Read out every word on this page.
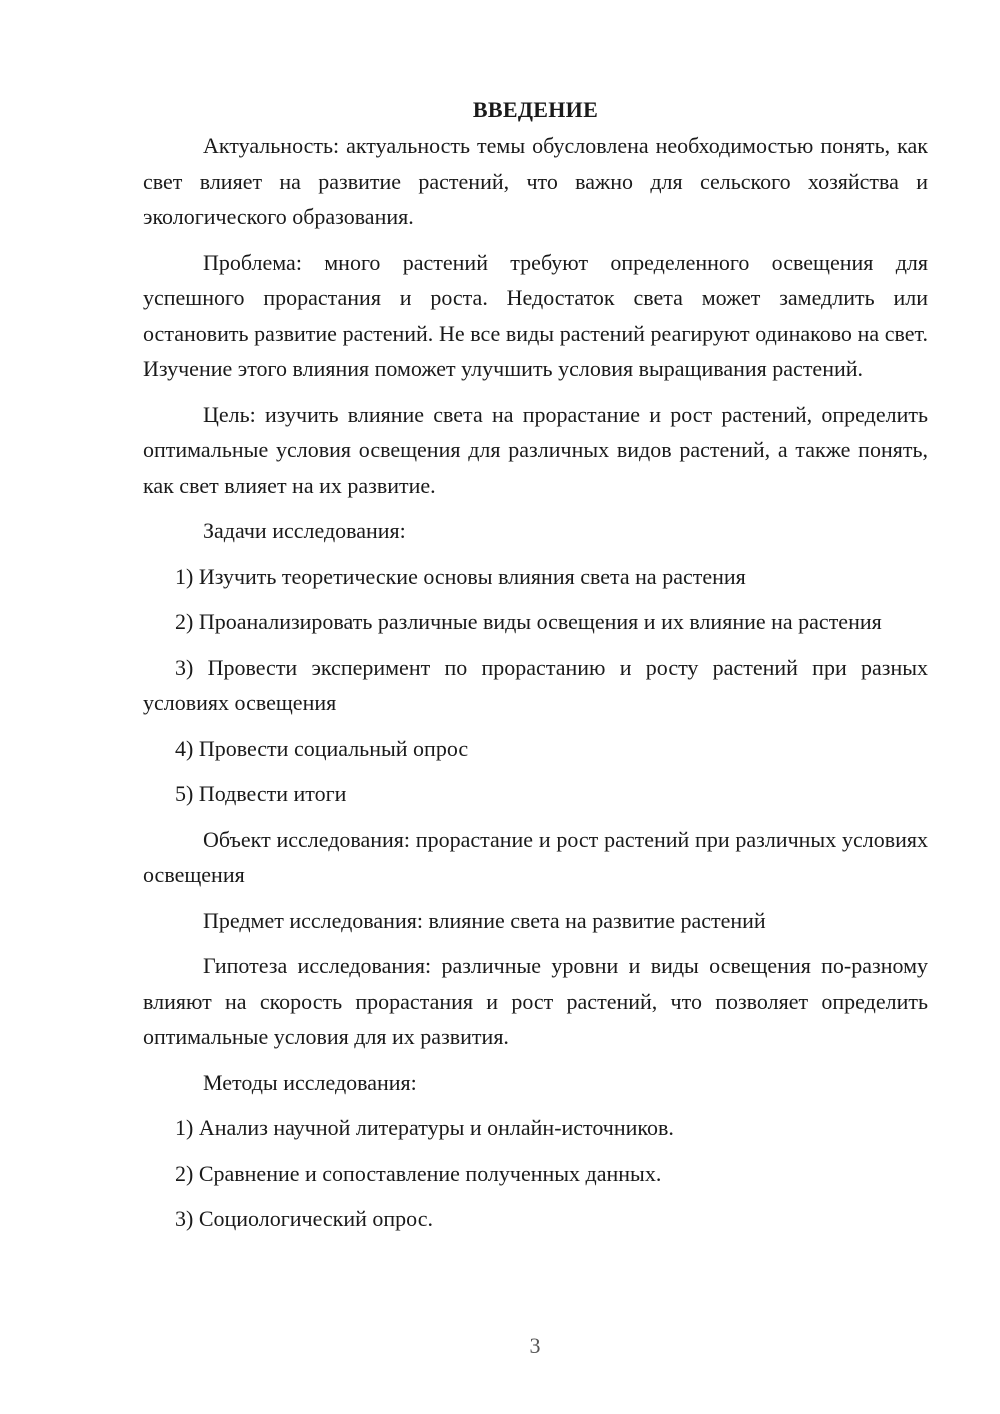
ВВЕДЕНИЕ
Актуальность: актуальность темы обусловлена необходимостью понять, как свет влияет на развитие растений, что важно для сельского хозяйства и экологического образования.
Проблема: много растений требуют определенного освещения для успешного прорастания и роста. Недостаток света может замедлить или остановить развитие растений. Не все виды растений реагируют одинаково на свет. Изучение этого влияния поможет улучшить условия выращивания растений.
Цель: изучить влияние света на прорастание и рост растений, определить оптимальные условия освещения для различных видов растений, а также понять, как свет влияет на их развитие.
Задачи исследования:
1) Изучить теоретические основы влияния света на растения
2) Проанализировать различные виды освещения и их влияние на растения
3) Провести эксперимент по прорастанию и росту растений при разных условиях освещения
4) Провести социальный опрос
5) Подвести итоги
Объект исследования: прорастание и рост растений при различных условиях освещения
Предмет исследования: влияние света на развитие растений
Гипотеза исследования: различные уровни и виды освещения по-разному влияют на скорость прорастания и рост растений, что позволяет определить оптимальные условия для их развития.
Методы исследования:
1) Анализ научной литературы и онлайн-источников.
2) Сравнение и сопоставление полученных данных.
3) Социологический опрос.
3
